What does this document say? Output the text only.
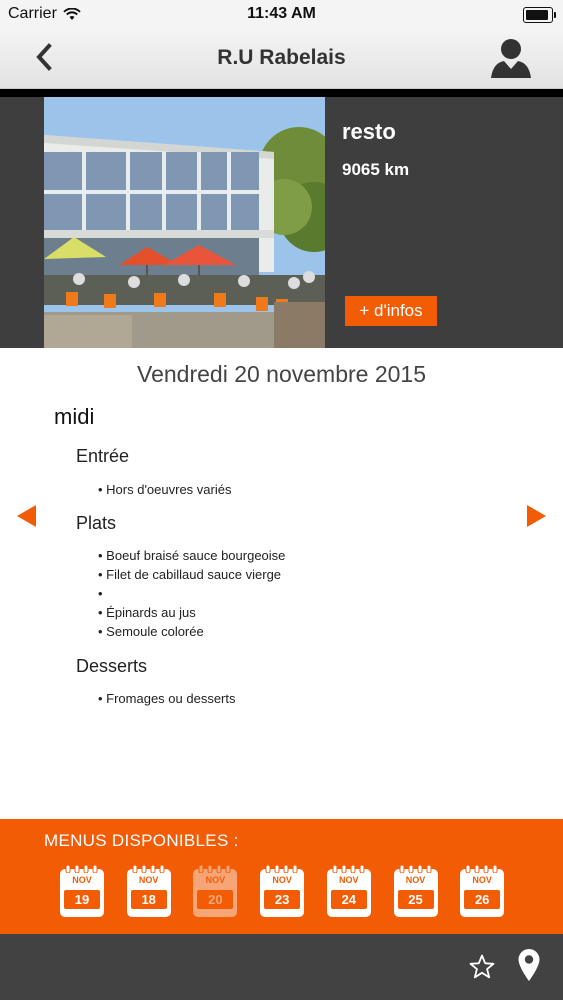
Carrier	11:43 AM
R.U Rabelais
resto
9065 km
+ d'infos
Vendredi 20 novembre 2015
midi
Entrée
• Hors d'oeuvres variés
Plats
• Boeuf braisé sauce bourgeoise
• Filet de cabillaud sauce vierge
•
• Épinards au jus
• Semoule colorée
Desserts
• Fromages ou desserts
MENUS DISPONIBLES :
NOV
19
NOV
18
NOV
20
NOV
23
NOV
24
NOV
25
NOV
26
